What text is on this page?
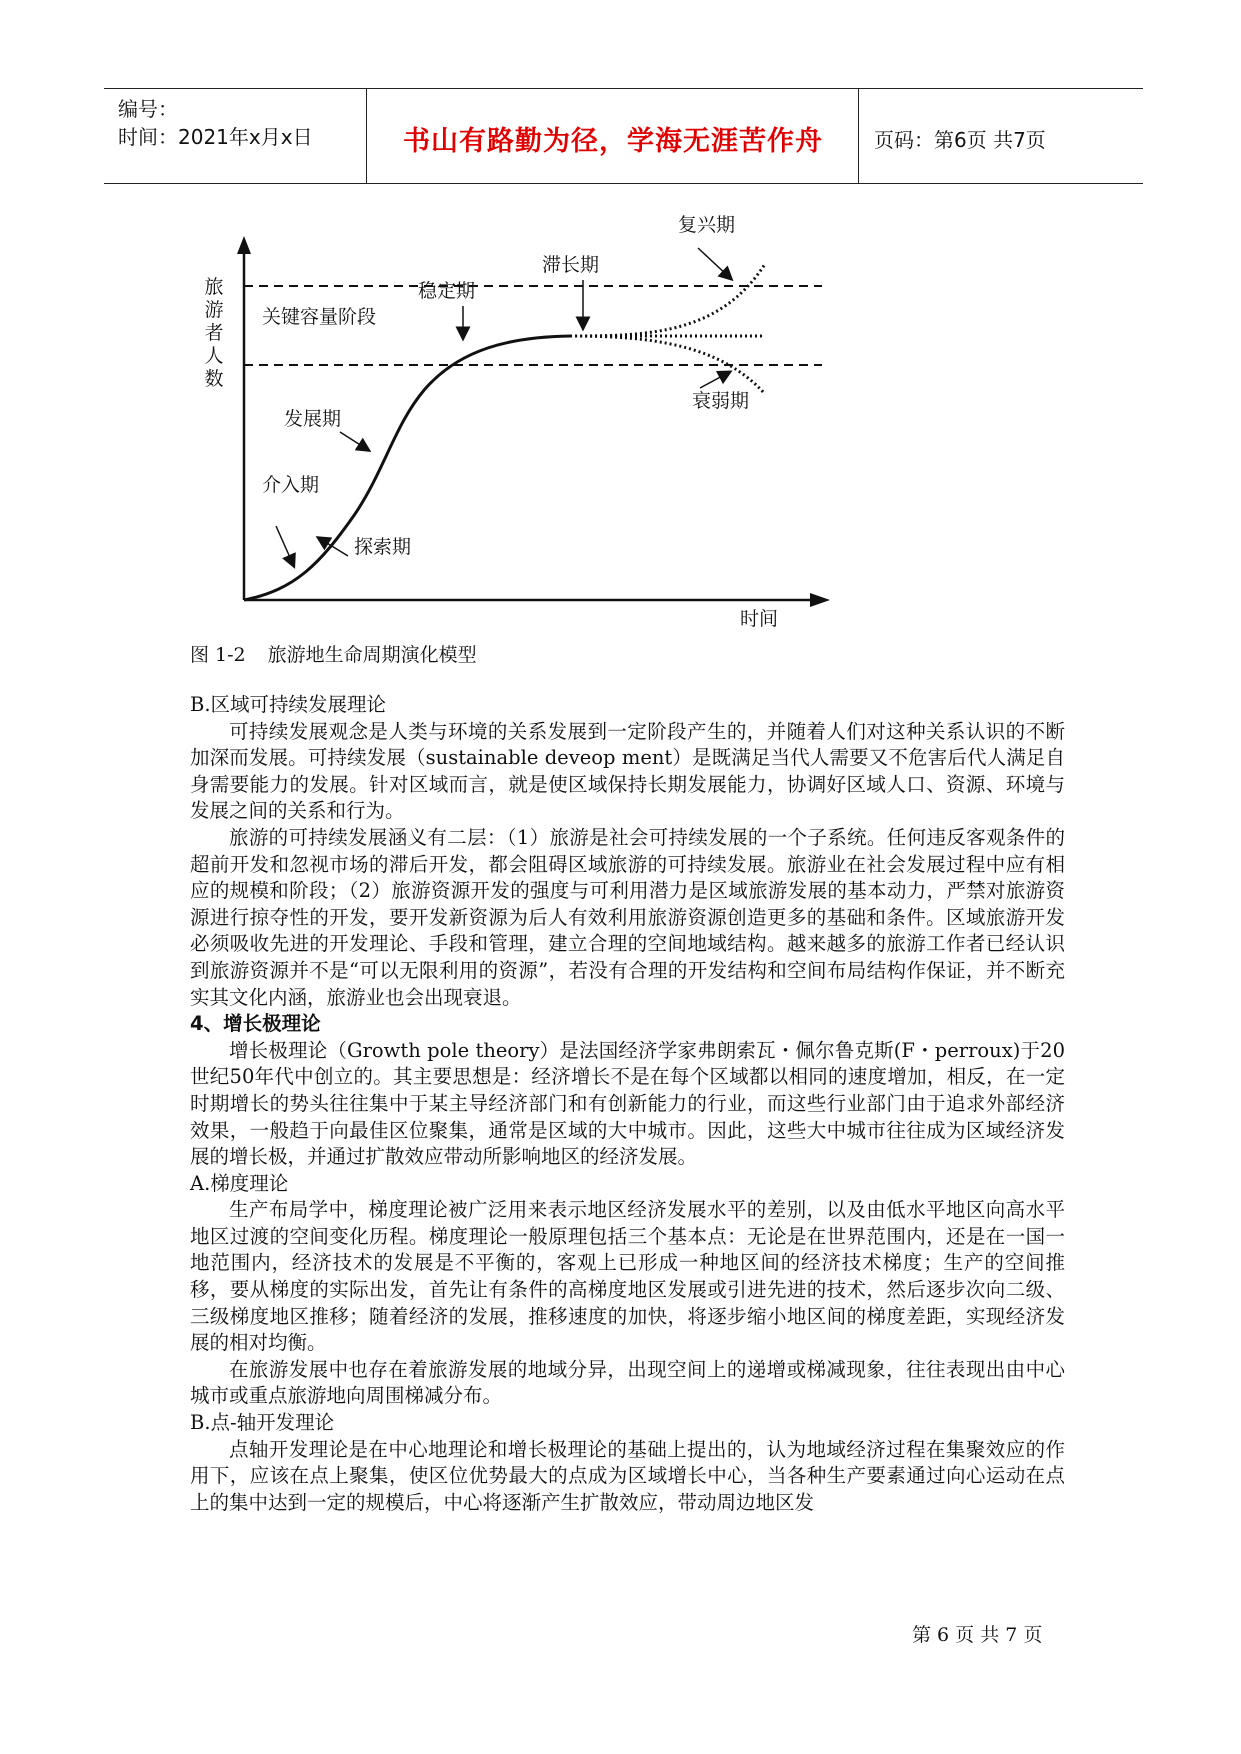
编号：
时间：2021年x月x日	书山有路勤为径，学海无涯苦作舟	页码：第6页 共7页
旅游者人数
复兴期
滞长期
稳定期
关键容量阶段
衰弱期
发展期
介入期
探索期
时间
图 1-2 旅游地生命周期演化模型

B.区域可持续发展理论

可持续发展观念是人类与环境的关系发展到一定阶段产生的，并随着人们对这种关系认识的不断加深而发展。可持续发展（sustainable deveop ment）是既满足当代人需要又不危害后代人满足自身需要能力的发展。针对区域而言，就是使区域保持长期发展能力，协调好区域人口、资源、环境与发展之间的关系和行为。

旅游的可持续发展涵义有二层：（1）旅游是社会可持续发展的一个子系统。任何违反客观条件的超前开发和忽视市场的滞后开发，都会阻碍区域旅游的可持续发展。旅游业在社会发展过程中应有相应的规模和阶段；（2）旅游资源开发的强度与可利用潜力是区域旅游发展的基本动力，严禁对旅游资源进行掠夺性的开发，要开发新资源为后人有效利用旅游资源创造更多的基础和条件。区域旅游开发必须吸收先进的开发理论、手段和管理，建立合理的空间地域结构。越来越多的旅游工作者已经认识到旅游资源并不是“可以无限利用的资源”，若没有合理的开发结构和空间布局结构作保证，并不断充实其文化内涵，旅游业也会出现衰退。

4、增长极理论

增长极理论（Growth pole theory）是法国经济学家弗朗索瓦・佩尔鲁克斯(F・perroux)于20世纪50年代中创立的。其主要思想是：经济增长不是在每个区域都以相同的速度增加，相反，在一定时期增长的势头往往集中于某主导经济部门和有创新能力的行业，而这些行业部门由于追求外部经济效果，一般趋于向最佳区位聚集，通常是区域的大中城市。因此，这些大中城市往往成为区域经济发展的增长极，并通过扩散效应带动所影响地区的经济发展。

A.梯度理论

生产布局学中，梯度理论被广泛用来表示地区经济发展水平的差别，以及由低水平地区向高水平地区过渡的空间变化历程。梯度理论一般原理包括三个基本点：无论是在世界范围内，还是在一国一地范围内，经济技术的发展是不平衡的，客观上已形成一种地区间的经济技术梯度；生产的空间推移，要从梯度的实际出发，首先让有条件的高梯度地区发展或引进先进的技术，然后逐步次向二级、三级梯度地区推移；随着经济的发展，推移速度的加快，将逐步缩小地区间的梯度差距，实现经济发展的相对均衡。

在旅游发展中也存在着旅游发展的地域分异，出现空间上的递增或梯减现象，往往表现出由中心城市或重点旅游地向周围梯减分布。

B.点-轴开发理论

点轴开发理论是在中心地理论和增长极理论的基础上提出的，认为地域经济过程在集聚效应的作用下，应该在点上聚集，使区位优势最大的点成为区域增长中心，当各种生产要素通过向心运动在点上的集中达到一定的规模后，中心将逐渐产生扩散效应，带动周边地区发

第 6 页 共 7 页
